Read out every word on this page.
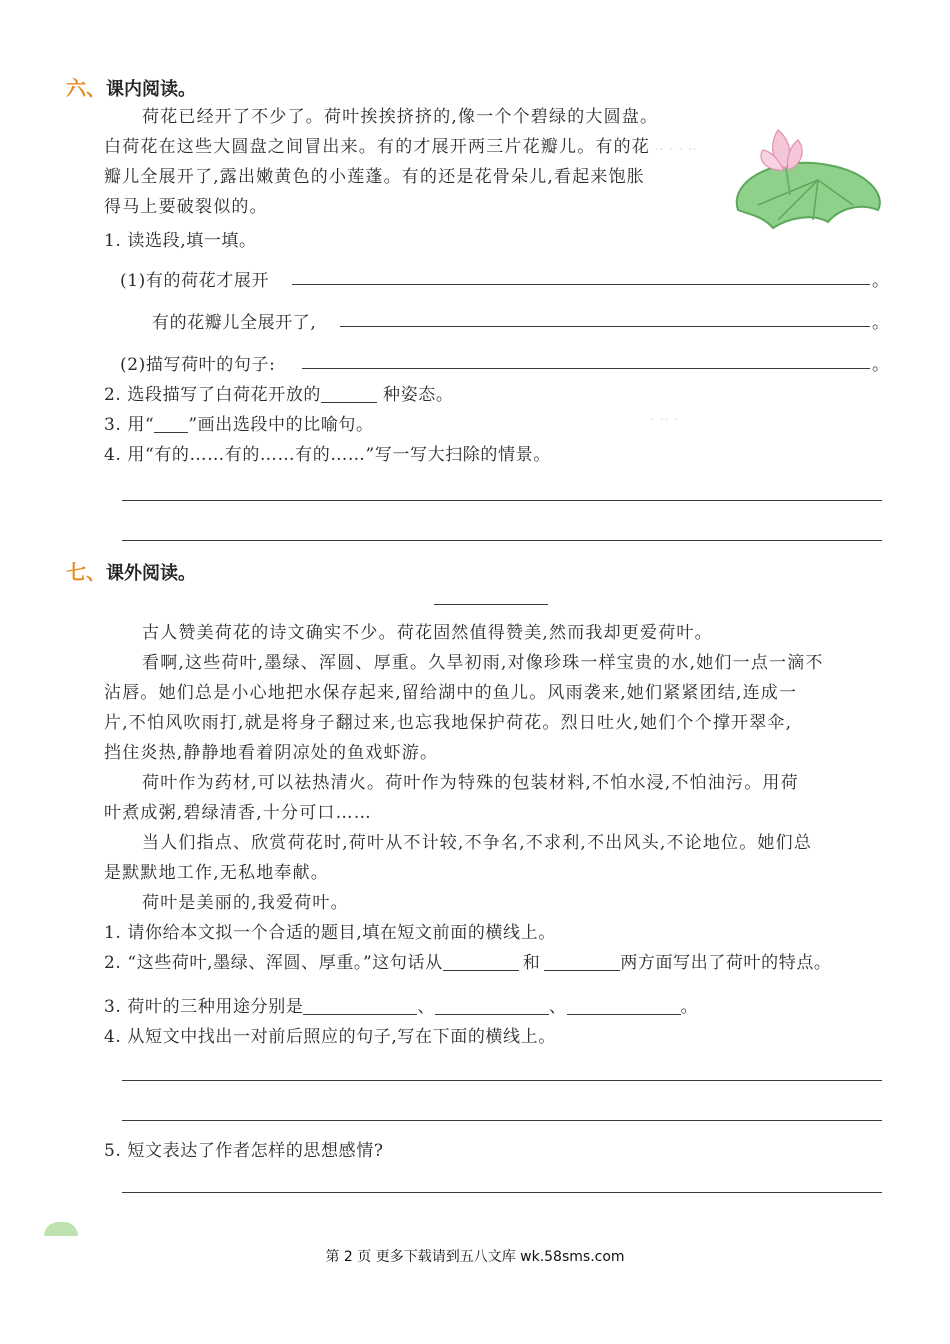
·· ·· · · ··
· ·· ·
六、课内阅读。
荷花已经开了不少了。荷叶挨挨挤挤的,像一个个碧绿的大圆盘。
白荷花在这些大圆盘之间冒出来。有的才展开两三片花瓣儿。有的花
瓣儿全展开了,露出嫩黄色的小莲蓬。有的还是花骨朵儿,看起来饱胀
得马上要破裂似的。
1. 读选段,填一填。
(1)有的荷花才展开	。
有的花瓣儿全展开了,	。
(2)描写荷叶的句子:	。
2. 选段描写了白荷花开放的	种姿态。
3. 用“ ”画出选段中的比喻句。
4. 用“有的……有的……有的……”写一写大扫除的情景。
七、课外阅读。
古人赞美荷花的诗文确实不少。荷花固然值得赞美,然而我却更爱荷叶。
看啊,这些荷叶,墨绿、浑圆、厚重。久旱初雨,对像珍珠一样宝贵的水,她们一点一滴不
沾唇。她们总是小心地把水保存起来,留给湖中的鱼儿。风雨袭来,她们紧紧团结,连成一
片,不怕风吹雨打,就是将身子翻过来,也忘我地保护荷花。烈日吐火,她们个个撑开翠伞,
挡住炎热,静静地看着阴凉处的鱼戏虾游。
荷叶作为药材,可以祛热清火。荷叶作为特殊的包装材料,不怕水浸,不怕油污。用荷
叶煮成粥,碧绿清香,十分可口……
当人们指点、欣赏荷花时,荷叶从不计较,不争名,不求利,不出风头,不论地位。她们总
是默默地工作,无私地奉献。
荷叶是美丽的,我爱荷叶。
1. 请你给本文拟一个合适的题目,填在短文前面的横线上。
2. “这些荷叶,墨绿、浑圆、厚重。”这句话从	和	两方面写出了荷叶的特点。
3. 荷叶的三种用途分别是	、	、	。
4. 从短文中找出一对前后照应的句子,写在下面的横线上。
5. 短文表达了作者怎样的思想感情?
第 2 页 更多下载请到五八文库 wk.58sms.com
